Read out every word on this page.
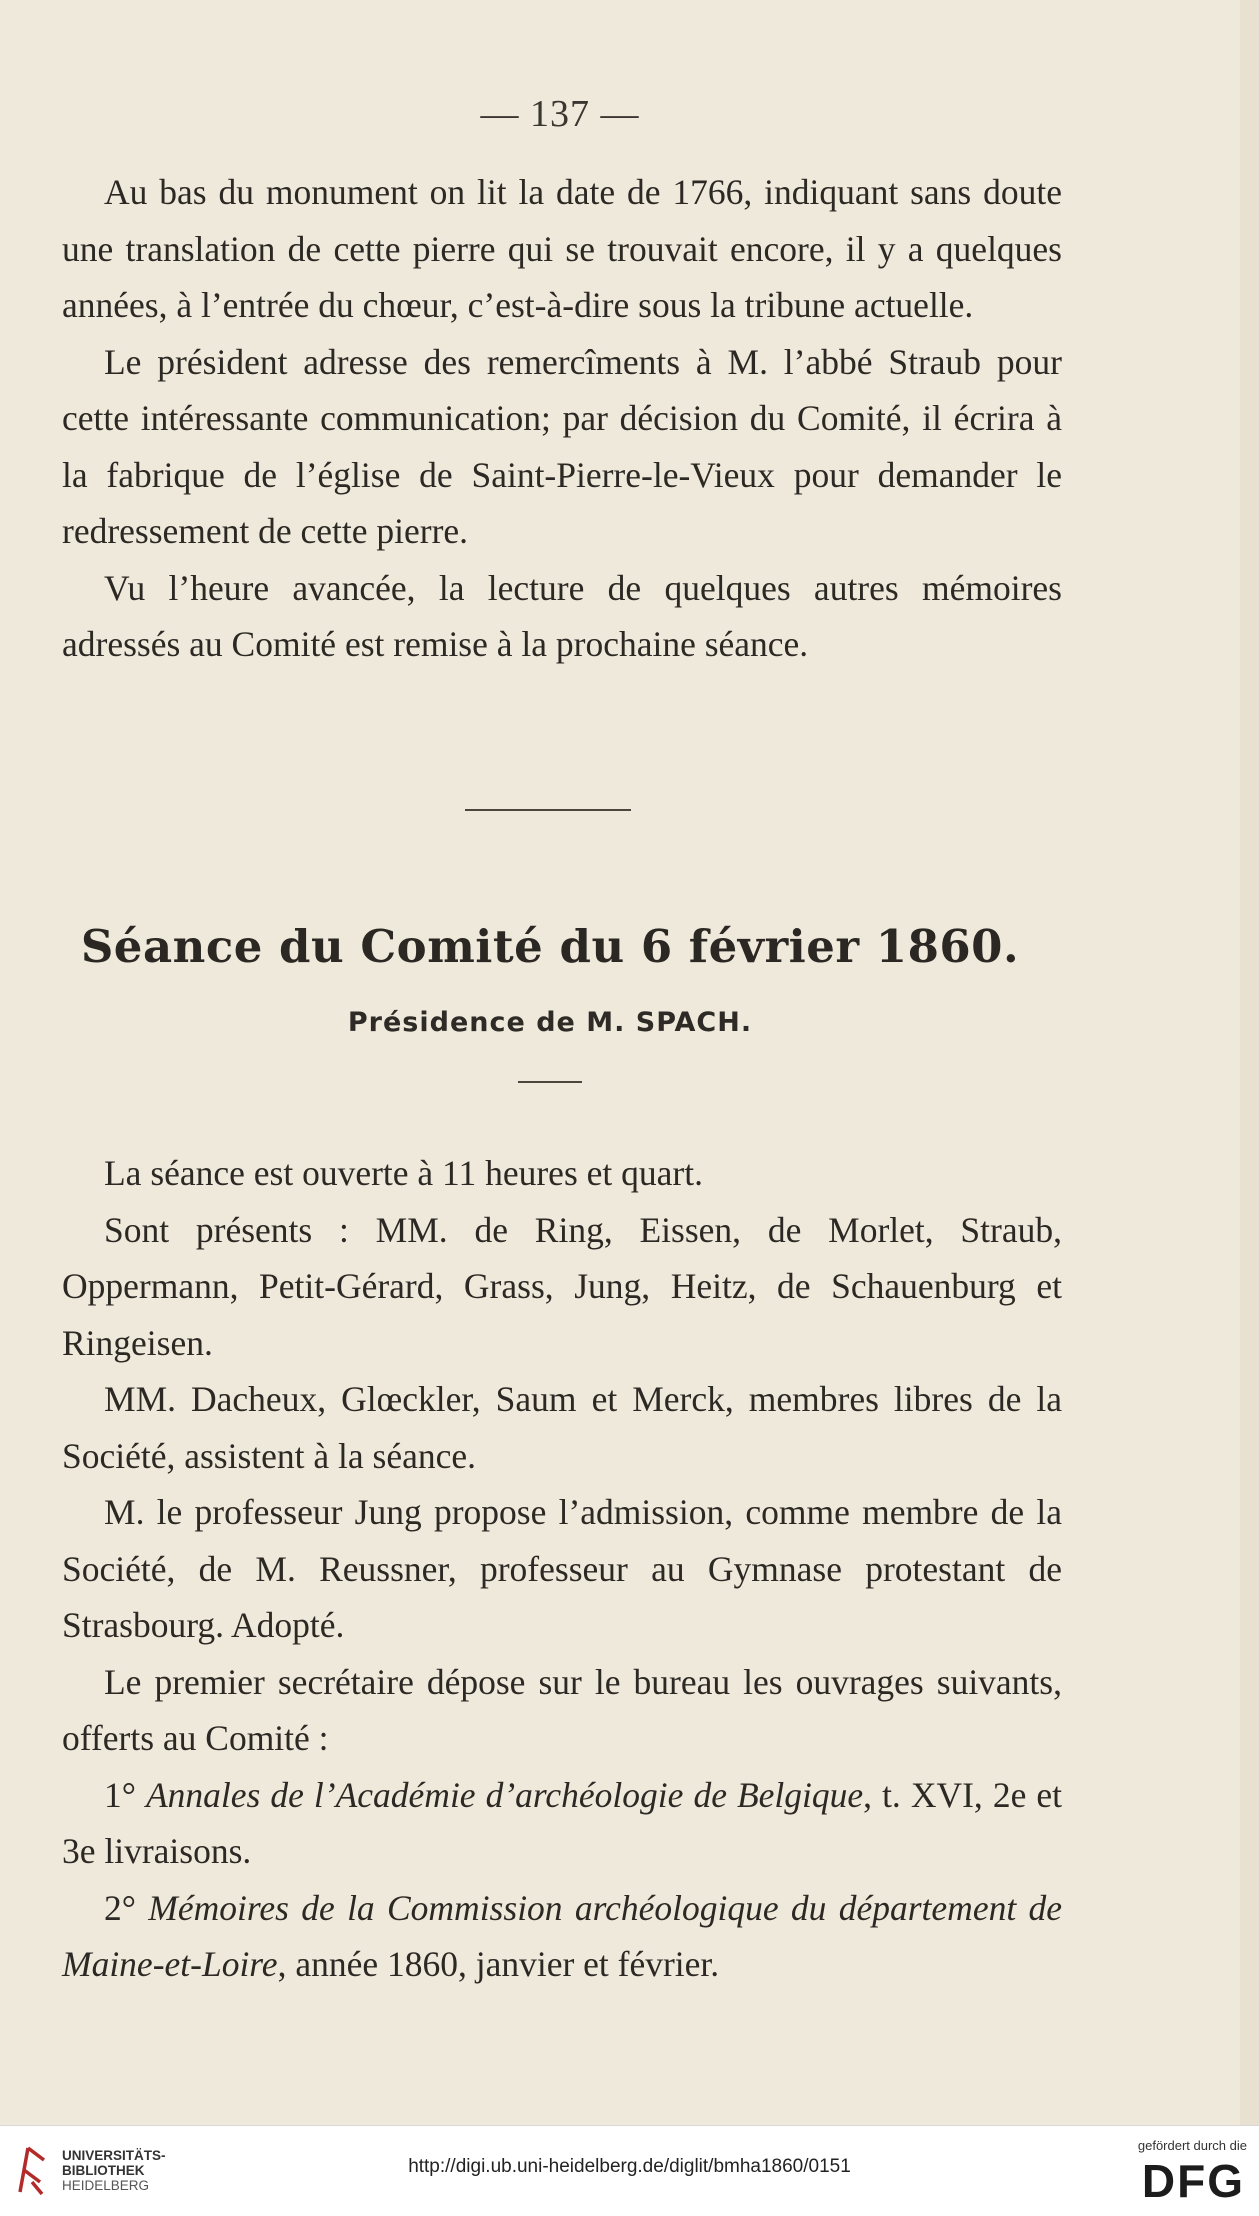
— 137 —

Au bas du monument on lit la date de 1766, indiquant sans doute une translation de cette pierre qui se trouvait encore, il y a quelques années, à l’entrée du chœur, c’est-à-dire sous la tribune actuelle.

Le président adresse des remercîments à M. l’abbé Straub pour cette intéressante communication; par décision du Comité, il écrira à la fabrique de l’église de Saint-Pierre-le-Vieux pour demander le redressement de cette pierre.

Vu l’heure avancée, la lecture de quelques autres mémoires adressés au Comité est remise à la prochaine séance.

Séance du Comité du 6 février 1860.
Présidence de M. SPACH.

La séance est ouverte à 11 heures et quart.

Sont présents : MM. de Ring, Eissen, de Morlet, Straub, Oppermann, Petit-Gérard, Grass, Jung, Heitz, de Schauenburg et Ringeisen.

MM. Dacheux, Glœckler, Saum et Merck, membres libres de la Société, assistent à la séance.

M. le professeur Jung propose l’admission, comme membre de la Société, de M. Reussner, professeur au Gymnase protestant de Strasbourg. Adopté.

Le premier secrétaire dépose sur le bureau les ouvrages suivants, offerts au Comité :

1° Annales de l’Académie d’archéologie de Belgique, t. XVI, 2e et 3e livraisons.

2° Mémoires de la Commission archéologique du département de Maine-et-Loire, année 1860, janvier et février.

UNIVERSITÄTS-
BIBLIOTHEK
HEIDELBERG
http://digi.ub.uni-heidelberg.de/diglit/bmha1860/0151
gefördert durch die
DFG
